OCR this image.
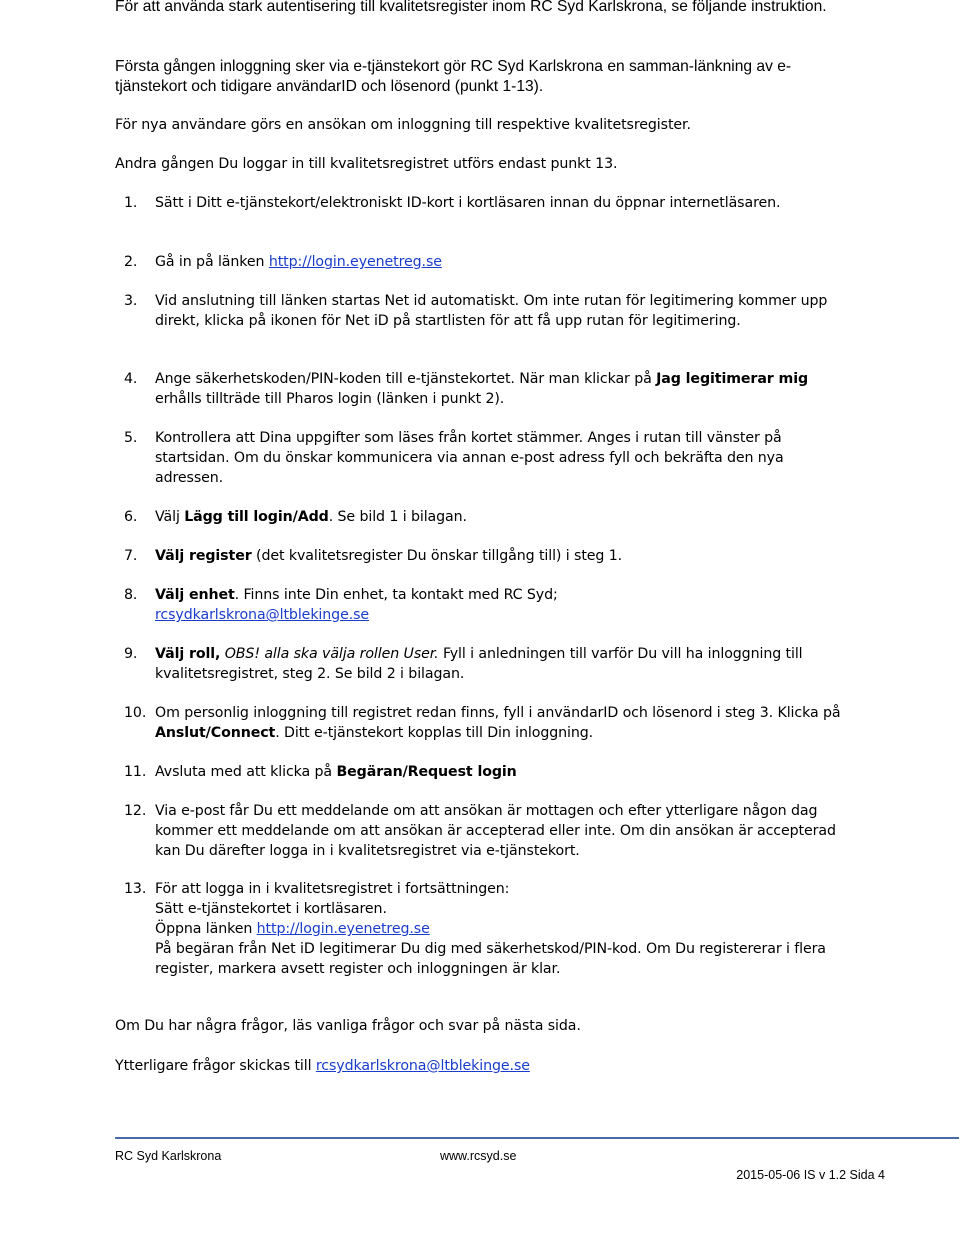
För att använda stark autentisering till kvalitetsregister inom RC Syd Karlskrona, se följande instruktion.
Första gången inloggning sker via e-tjänstekort gör RC Syd Karlskrona en samman-länkning av e-tjänstekort och tidigare användarID och lösenord (punkt 1-13).
För nya användare görs en ansökan om inloggning till respektive kvalitetsregister.
Andra gången Du loggar in till kvalitetsregistret utförs endast punkt 13.
1. Sätt i Ditt e-tjänstekort/elektroniskt ID-kort i kortläsaren innan du öppnar internetläsaren.
2. Gå in på länken http://login.eyenetreg.se
3. Vid anslutning till länken startas Net id automatiskt. Om inte rutan för legitimering kommer upp direkt, klicka på ikonen för Net iD på startlisten för att få upp rutan för legitimering.
4. Ange säkerhetskoden/PIN-koden till e-tjänstekortet. När man klickar på Jag legitimerar mig erhålls tillträde till Pharos login (länken i punkt 2).
5. Kontrollera att Dina uppgifter som läses från kortet stämmer. Anges i rutan till vänster på startsidan. Om du önskar kommunicera via annan e-post adress fyll och bekräfta den nya adressen.
6. Välj Lägg till login/Add. Se bild 1 i bilagan.
7. Välj register (det kvalitetsregister Du önskar tillgång till) i steg 1.
8. Välj enhet. Finns inte Din enhet, ta kontakt med RC Syd;
rcsydkarlskrona@ltblekinge.se
9. Välj roll, OBS! alla ska välja rollen User. Fyll i anledningen till varför Du vill ha inloggning till kvalitetsregistret, steg 2. Se bild 2 i bilagan.
10. Om personlig inloggning till registret redan finns, fyll i användarID och lösenord i steg 3. Klicka på Anslut/Connect. Ditt e-tjänstekort kopplas till Din inloggning.
11. Avsluta med att klicka på Begäran/Request login
12. Via e-post får Du ett meddelande om att ansökan är mottagen och efter ytterligare någon dag kommer ett meddelande om att ansökan är accepterad eller inte. Om din ansökan är accepterad kan Du därefter logga in i kvalitetsregistret via e-tjänstekort.
13. För att logga in i kvalitetsregistret i fortsättningen:
Sätt e-tjänstekortet i kortläsaren.
Öppna länken http://login.eyenetreg.se
På begäran från Net iD legitimerar Du dig med säkerhetskod/PIN-kod. Om Du registererar i flera register, markera avsett register och inloggningen är klar.
Om Du har några frågor, läs vanliga frågor och svar på nästa sida.
Ytterligare frågor skickas till rcsydkarlskrona@ltblekinge.se
RC Syd Karlskrona	www.rcsyd.se
2015-05-06 IS v 1.2 Sida 4
